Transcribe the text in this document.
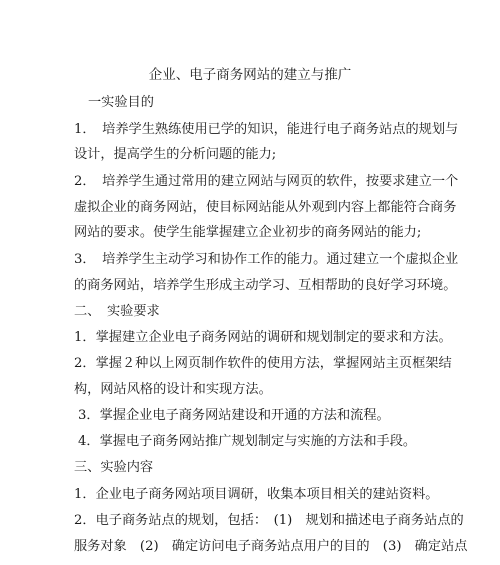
企业、电子商务网站的建立与推广
一实验目的
1．　培养学生熟练使用已学的知识，能进行电子商务站点的规划与
设计，提高学生的分析问题的能力;
2．　培养学生通过常用的建立网站与网页的软件，按要求建立一个
虚拟企业的商务网站，使目标网站能从外观到内容上都能符合商务
网站的要求。使学生能掌握建立企业初步的商务网站的能力;
3．　培养学生主动学习和协作工作的能力。通过建立一个虚拟企业
的商务网站，培养学生形成主动学习、互相帮助的良好学习环境。
二、　实验要求
1．掌握建立企业电子商务网站的调研和规划制定的要求和方法。
2．掌握２种以上网页制作软件的使用方法，掌握网站主页框架结
构，网站风格的设计和实现方法。
3．掌握企业电子商务网站建设和开通的方法和流程。
4．掌握电子商务网站推广规划制定与实施的方法和手段。
三、实验内容
1．企业电子商务网站项目调研，收集本项目相关的建站资料。
2．电子商务站点的规划，包括：　(1)　规划和描述电子商务站点的
服务对象　(2)　确定访问电子商务站点用户的目的　(3)　确定站点
